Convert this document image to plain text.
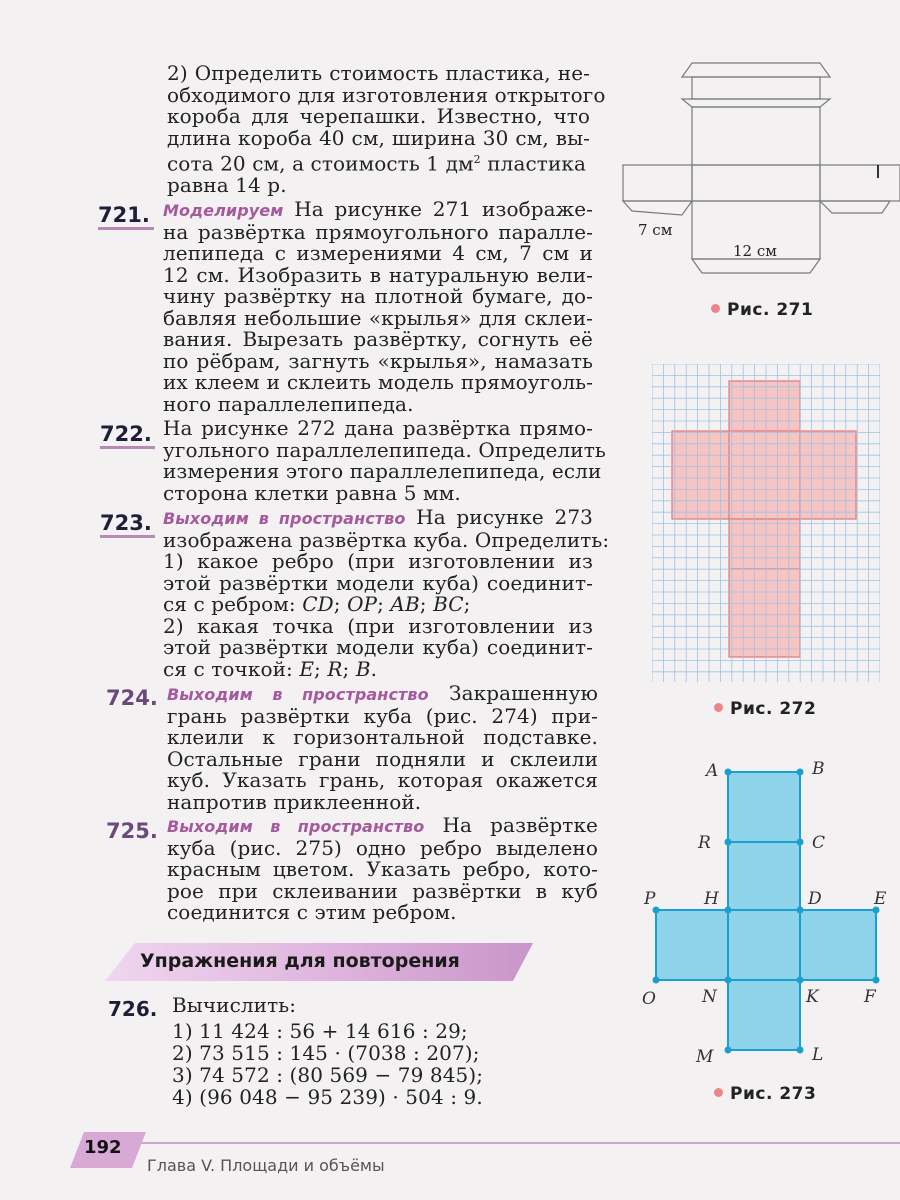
2) Определить стоимость пластика, не-
обходимого для изготовления открытого
короба для черепашки. Известно, что
длина короба 40 см, ширина 30 см, вы-
сота 20 см, а стоимость 1 $дм^2$ пластика
равна 14 р.
721. Моделируем На рисунке 271 изображе-
на развёртка прямоугольного паралле-
лепипеда с измерениями 4 см, 7 см и
12 см. Изобразить в натуральную вели-
чину развёртку на плотной бумаге, до-
бавляя небольшие «крылья» для склеи-
вания. Вырезать развёртку, согнуть её
по рёбрам, загнуть «крылья», намазать
их клеем и склеить модель прямоуголь-
ного параллелепипеда.
722. На рисунке 272 дана развёртка прямо-
угольного параллелепипеда. Определить
измерения этого параллелепипеда, если
сторона клетки равна 5 мм.
723. Выходим в пространство На рисунке 273
изображена развёртка куба. Определить:
1) какое ребро (при изготовлении из
этой развёртки модели куба) соединит-
ся с ребром: CD; OP; AB; BC;
2) какая точка (при изготовлении из
этой развёртки модели куба) соединит-
ся с точкой: E; R; B.
724. Выходим в пространство Закрашенную
грань развёртки куба (рис. 274) при-
клеили к горизонтальной подставке.
Остальные грани подняли и склеили
куб. Указать грань, которая окажется
напротив приклеенной.
725. Выходим в пространство На развёртке
куба (рис. 275) одно ребро выделено
красным цветом. Указать ребро, кото-
рое при склеивании развёртки в куб
соединится с этим ребром.
Упражнения для повторения
726. Вычислить:
1) 11 424 : 56 + 14 616 : 29;
2) 73 515 : 145 · (7038 : 207);
3) 74 572 : (80 569 − 79 845);
4) (96 048 − 95 239) · 504 : 9.
7 см
12 см
Рис. 271
Рис. 272
A	B
R	C
P	H	D	E
O	N	K	F
M	L
Рис. 273
192
Глава V. Площади и объёмы
